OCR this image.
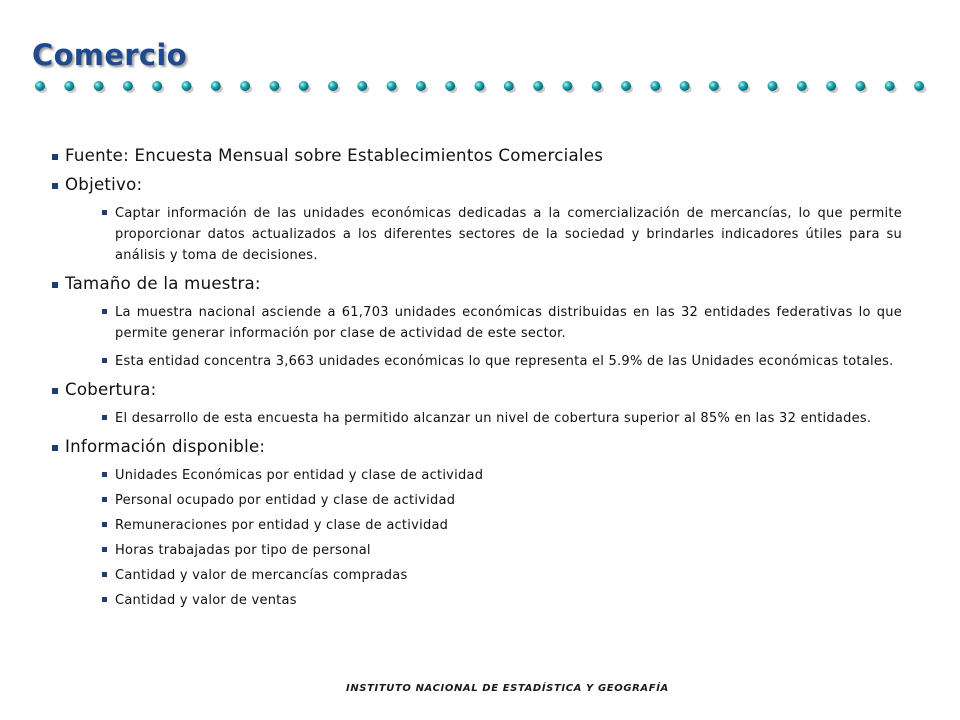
Comercio
Fuente: Encuesta Mensual sobre Establecimientos Comerciales
Objetivo:
Captar información de las unidades económicas dedicadas a la comercialización de mercancías, lo que permite proporcionar datos actualizados a los diferentes sectores de la sociedad y brindarles indicadores útiles para su análisis y toma de decisiones.
Tamaño de la muestra:
La muestra nacional asciende a 61,703 unidades económicas distribuidas en las 32 entidades federativas lo que permite generar información por clase de actividad de este sector.
Esta entidad concentra 3,663 unidades económicas lo que representa el 5.9% de las Unidades económicas totales.
Cobertura:
El desarrollo de esta encuesta ha permitido alcanzar un nivel de cobertura superior al 85% en las 32 entidades.
Información disponible:
Unidades Económicas por entidad y clase de actividad
Personal ocupado por entidad y clase de actividad
Remuneraciones por entidad y clase de actividad
Horas trabajadas por tipo de personal
Cantidad y valor de mercancías compradas
Cantidad y valor de ventas
INSTITUTO NACIONAL DE ESTADÍSTICA Y GEOGRAFÍA
